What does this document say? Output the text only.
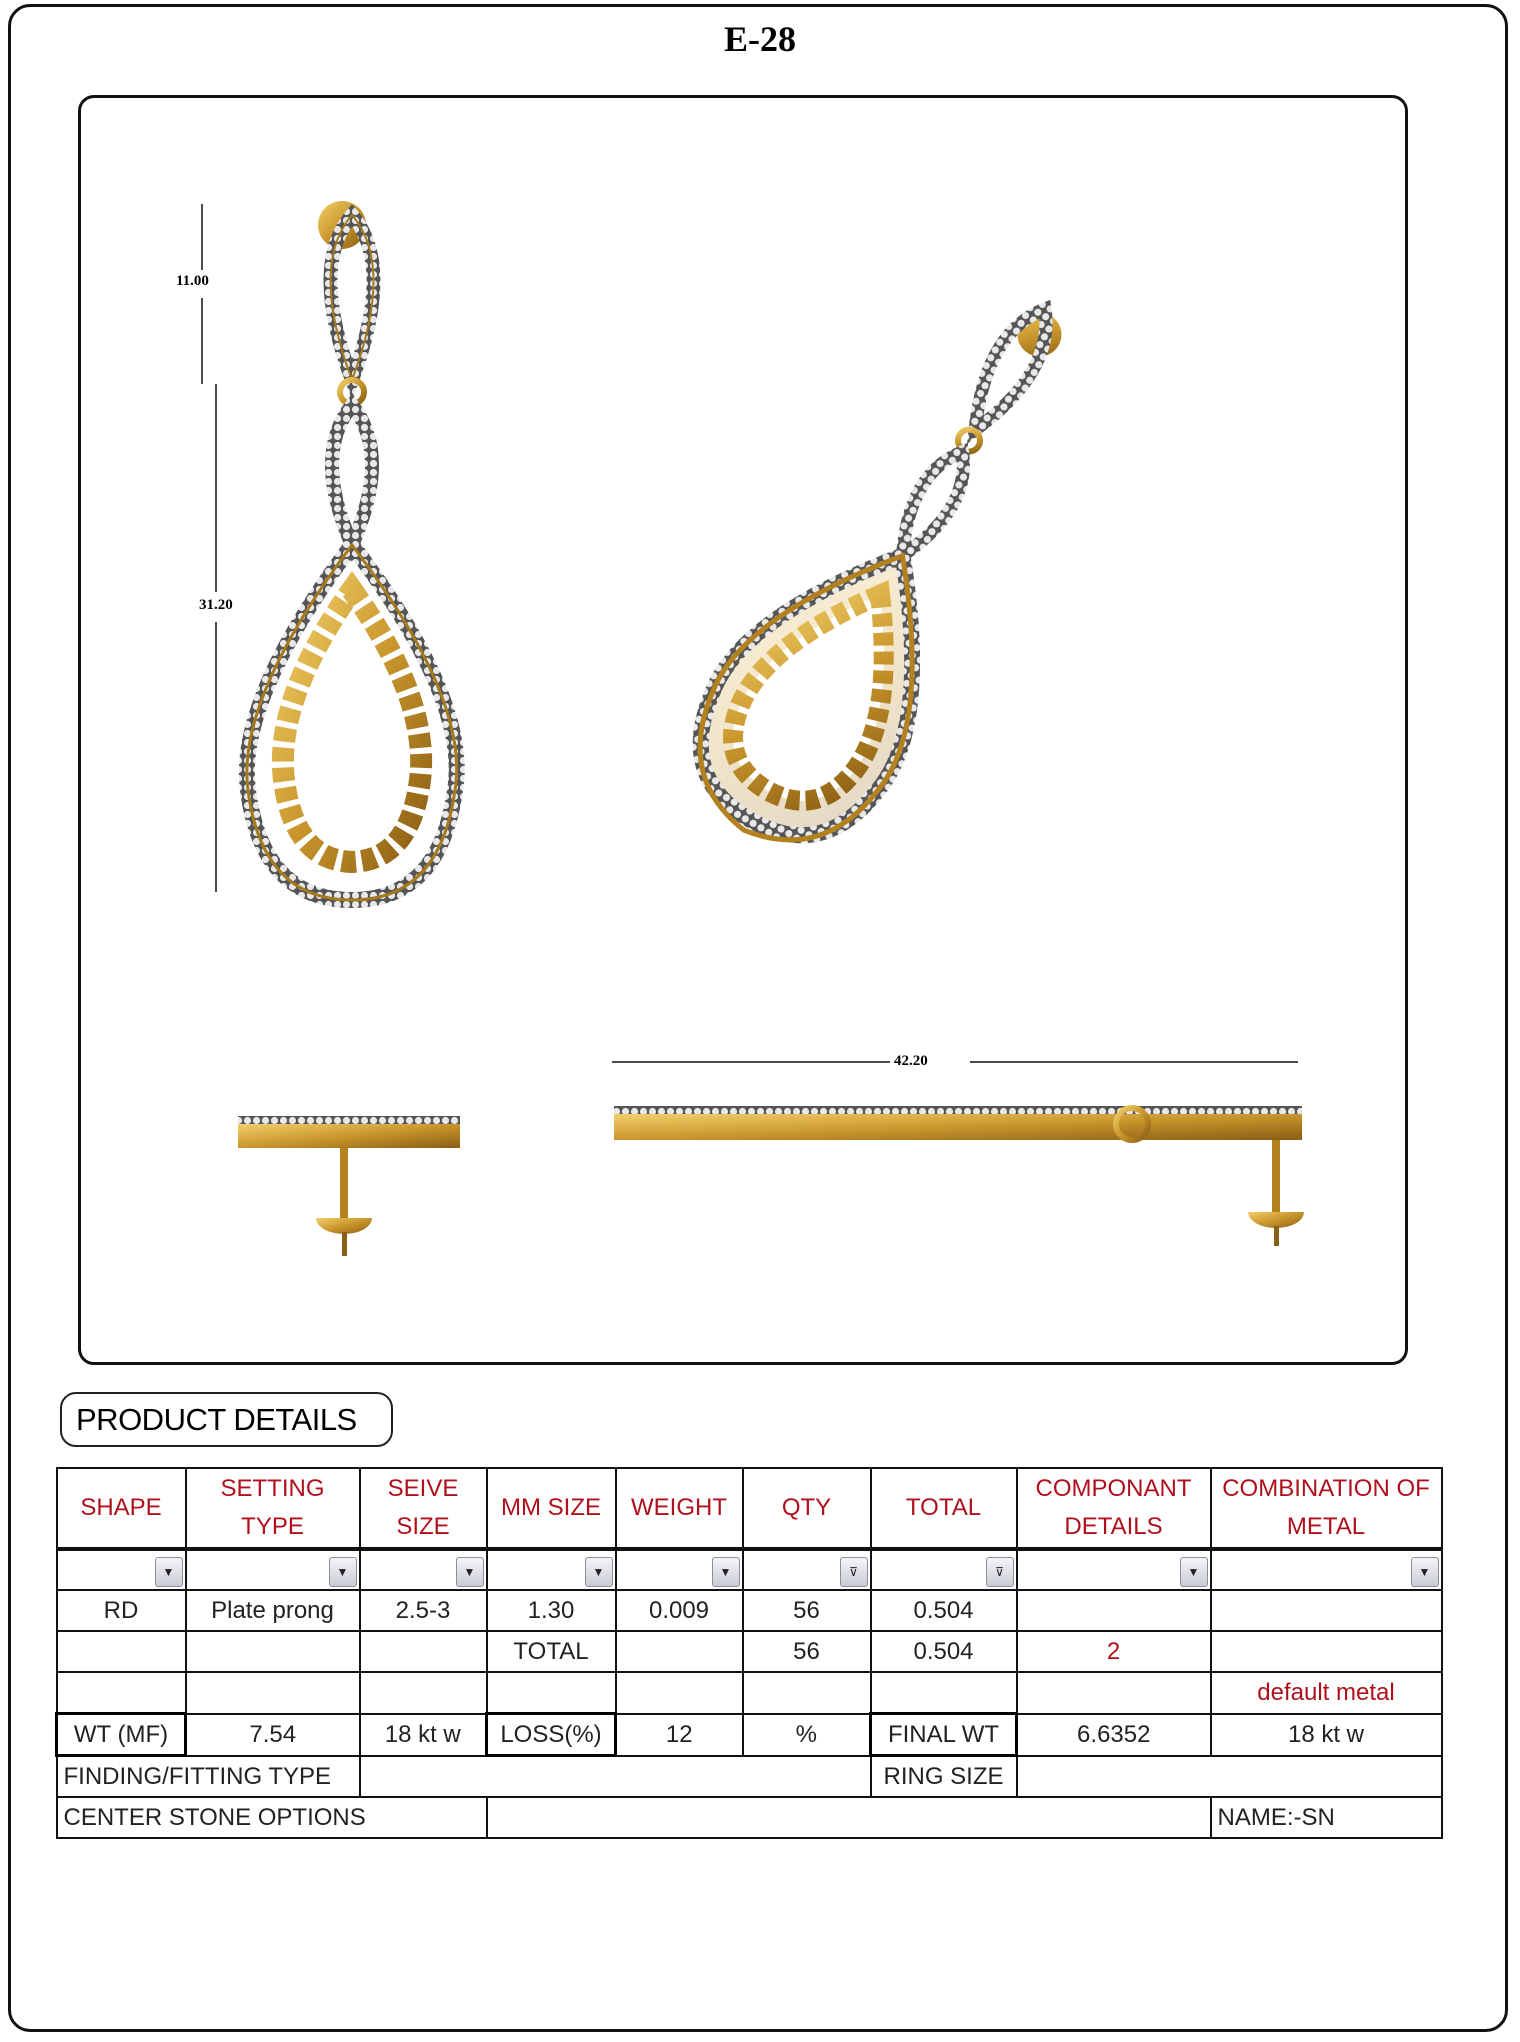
E-28
11.00
31.20
42.20
PRODUCT DETAILS
SHAPE	SETTING TYPE	SEIVE SIZE	MM SIZE	WEIGHT	QTY	TOTAL	COMPONANT DETAILS	COMBINATION OF METAL

▼	▼	▼	▼	▼	⊽	⊽	▼	▼

RD	Plate prong	2.5-3	1.30	0.009	56	0.504		
			TOTAL		56	0.504	2	
								default metal
WT (MF)	7.54	18 kt w	LOSS(%)	12	%	FINAL WT	6.6352	18 kt w
FINDING/FITTING TYPE						RING SIZE		
CENTER STONE OPTIONS								NAME:-SN
